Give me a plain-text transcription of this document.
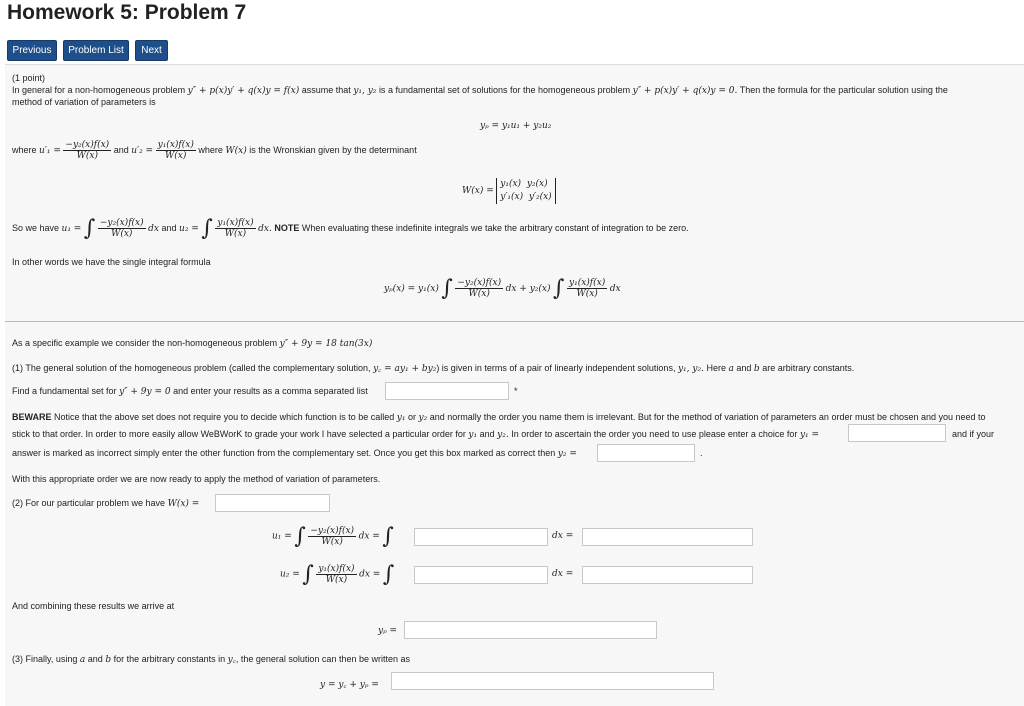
Homework 5: Problem 7
Previous	Problem List	Next
(1 point)
In general for a non-homogeneous problem y″ + p(x)y′ + q(x)y = f(x) assume that y₁, y₂ is a fundamental set of solutions for the homogeneous problem y″ + p(x)y′ + q(x)y = 0. Then the formula for the particular solution using the
method of variation of parameters is
yₚ = y₁u₁ + y₂u₂
where $u'_1 = \frac{\text{−y₂(x)f(x)}}{W(x)}$ and $u'_2 = \frac{\text{y₁(x)f(x)}}{W(x)}$ where W(x) is the Wronskian given by the determinant
W(x) = y₁(x) y₂(x)
y′₁(x) y′₂(x)
So we have u₁ = ∫ $\frac{\text{−y₂(x)f(x)}}{W(x)}$ dx and u₂ = ∫ $\frac{\text{y₁(x)f(x)}}{W(x)}$ dx. NOTE When evaluating these indefinite integrals we take the arbitrary constant of integration to be zero.
In other words we have the single integral formula
yₚ(x) = y₁(x) ∫ $\frac{\text{−y₂(x)f(x)}}{W(x)}$ dx + y₂(x) ∫ $\frac{\text{y₁(x)f(x)}}{W(x)}$ dx
As a specific example we consider the non-homogeneous problem y″ + 9y = 18 tan(3x)
(1) The general solution of the homogeneous problem (called the complementary solution, y꜀ = ay₁ + by₂) is given in terms of a pair of linearly independent solutions, y₁, y₂. Here a and b are arbitrary constants.
Find a fundamental set for y″ + 9y = 0 and enter your results as a comma separated list	*
BEWARE Notice that the above set does not require you to decide which function is to be called y₁ or y₂ and normally the order you name them is irrelevant. But for the method of variation of parameters an order must be chosen and you need to
stick to that order. In order to more easily allow WeBWorK to grade your work I have selected a particular order for y₁ and y₂. In order to ascertain the order you need to use please enter a choice for y₁ =	and if your
answer is marked as incorrect simply enter the other function from the complementary set. Once you get this box marked as correct then y₂ =	.
With this appropriate order we are now ready to apply the method of variation of parameters.
(2) For our particular problem we have W(x) =
u₁ = ∫ $\frac{\text{−y₂(x)f(x)}}{W(x)}$ dx = ∫	dx =
u₂ = ∫ $\frac{\text{y₁(x)f(x)}}{W(x)}$ dx = ∫	dx =
And combining these results we arrive at
yₚ =
(3) Finally, using a and b for the arbitrary constants in y꜀, the general solution can then be written as
y = y꜀ + yₚ =
